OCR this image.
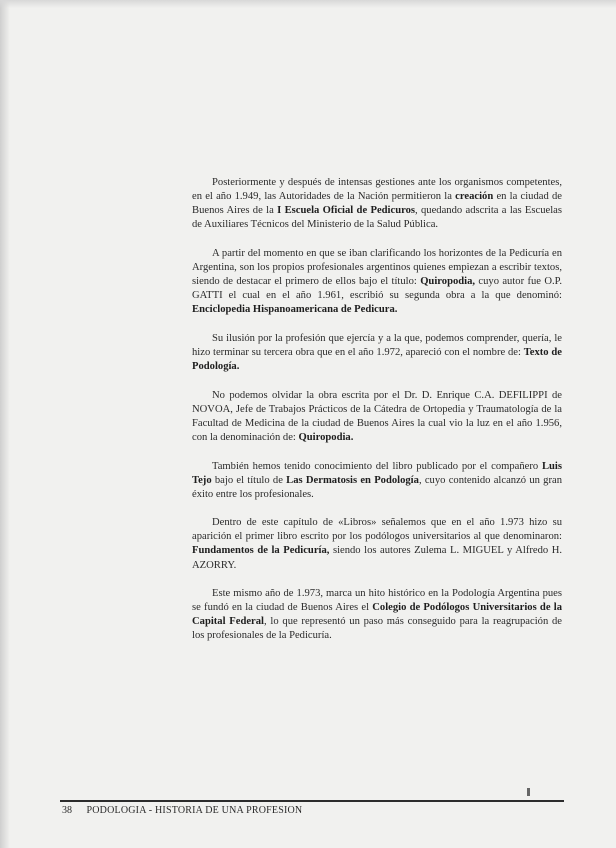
Posteriormente y después de intensas gestiones ante los organismos competentes, en el año 1.949, las Autoridades de la Nación permitieron la creación en la ciudad de Buenos Aires de la I Escuela Oficial de Pedicuros, quedando adscrita a las Escuelas de Auxiliares Técnicos del Ministerio de la Salud Pública.

A partir del momento en que se iban clarificando los horizontes de la Pedicuría en Argentina, son los propios profesionales argentinos quienes empiezan a escribir textos, siendo de destacar el primero de ellos bajo el título: Quiropodia, cuyo autor fue O.P. GATTI el cual en el año 1.961, escribió su segunda obra a la que denominó: Enciclopedia Hispanoamericana de Pedicura.

Su ilusión por la profesión que ejercía y a la que, podemos comprender, quería, le hizo terminar su tercera obra que en el año 1.972, apareció con el nombre de: Texto de Podología.

No podemos olvidar la obra escrita por el Dr. D. Enrique C.A. DEFILIPPI de NOVOA, Jefe de Trabajos Prácticos de la Cátedra de Ortopedia y Traumatología de la Facultad de Medicina de la ciudad de Buenos Aires la cual vio la luz en el año 1.956, con la denominación de: Quiropodia.

También hemos tenido conocimiento del libro publicado por el compañero Luis Tejo bajo el título de Las Dermatosis en Podología, cuyo contenido alcanzó un gran éxito entre los profesionales.

Dentro de este capítulo de «Libros» señalemos que en el año 1.973 hizo su aparición el primer libro escrito por los podólogos universitarios al que denominaron: Fundamentos de la Pedicuría, siendo los autores Zulema L. MIGUEL y Alfredo H. AZORRY.

Este mismo año de 1.973, marca un hito histórico en la Podología Argentina pues se fundó en la ciudad de Buenos Aires el Colegio de Podólogos Universitarios de la Capital Federal, lo que representó un paso más conseguido para la reagrupación de los profesionales de la Pedicuría.

38 PODOLOGIA - HISTORIA DE UNA PROFESION
